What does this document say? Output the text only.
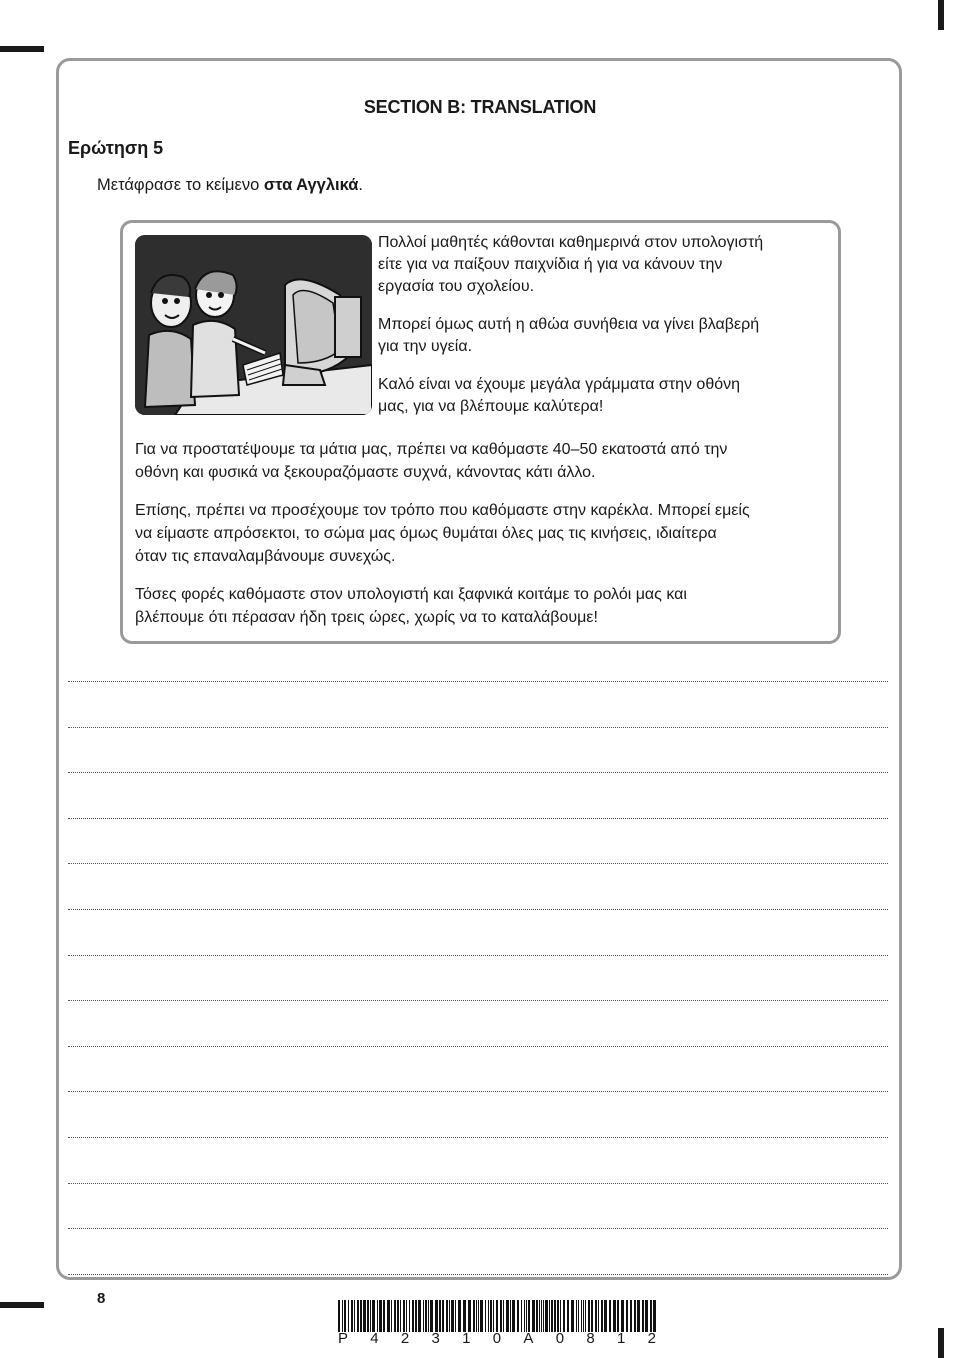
SECTION B: TRANSLATION
Ερώτηση 5
Μετάφρασε το κείμενο στα Αγγλικά.

Πολλοί μαθητές κάθονται καθημερινά στον υπολογιστή
είτε για να παίξουν παιχνίδια ή για να κάνουν την
εργασία του σχολείου.

Μπορεί όμως αυτή η αθώα συνήθεια να γίνει βλαβερή
για την υγεία.

Καλό είναι να έχουμε μεγάλα γράμματα στην οθόνη
μας, για να βλέπουμε καλύτερα!

Για να προστατέψουμε τα μάτια μας, πρέπει να καθόμαστε 40–50 εκατοστά από την
οθόνη και φυσικά να ξεκουραζόμαστε συχνά, κάνοντας κάτι άλλο.
Επίσης, πρέπει να προσέχουμε τον τρόπο που καθόμαστε στην καρέκλα. Μπορεί εμείς
να είμαστε απρόσεκτοι, το σώμα μας όμως θυμάται όλες μας τις κινήσεις, ιδιαίτερα
όταν τις επαναλαμβάνουμε συνεχώς.
Τόσες φορές καθόμαστε στον υπολογιστή και ξαφνικά κοιτάμε το ρολόι μας και
βλέπουμε ότι πέρασαν ήδη τρεις ώρες, χωρίς να το καταλάβουμε!
8
P 4 2 3 1 0 A 0 8 1 2
